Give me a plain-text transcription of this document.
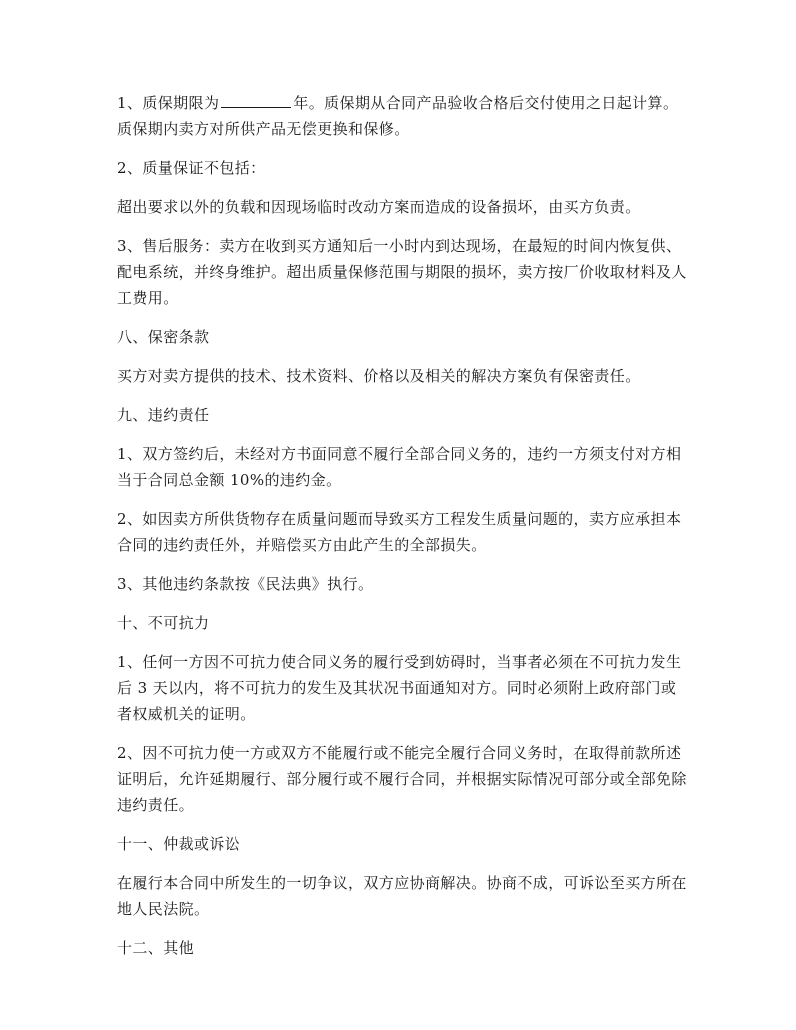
1、质保期限为	年。质保期从合同产品验收合格后交付使用之日起计算。质保期内卖方对所供产品无偿更换和保修。

2、质量保证不包括：

超出要求以外的负载和因现场临时改动方案而造成的设备损坏，由买方负责。

3、售后服务：卖方在收到买方通知后一小时内到达现场，在最短的时间内恢复供、配电系统，并终身维护。超出质量保修范围与期限的损坏，卖方按厂价收取材料及人工费用。

八、保密条款

买方对卖方提供的技术、技术资料、价格以及相关的解决方案负有保密责任。

九、违约责任

1、双方签约后，未经对方书面同意不履行全部合同义务的，违约一方须支付对方相当于合同总金额 10%的违约金。

2、如因卖方所供货物存在质量问题而导致买方工程发生质量问题的，卖方应承担本合同的违约责任外，并赔偿买方由此产生的全部损失。

3、其他违约条款按《民法典》执行。

十、不可抗力

1、任何一方因不可抗力使合同义务的履行受到妨碍时，当事者必须在不可抗力发生后 3 天以内，将不可抗力的发生及其状况书面通知对方。同时必须附上政府部门或者权威机关的证明。

2、因不可抗力使一方或双方不能履行或不能完全履行合同义务时，在取得前款所述证明后，允许延期履行、部分履行或不履行合同，并根据实际情况可部分或全部免除违约责任。

十一、仲裁或诉讼

在履行本合同中所发生的一切争议，双方应协商解决。协商不成，可诉讼至买方所在地人民法院。

十二、其他
